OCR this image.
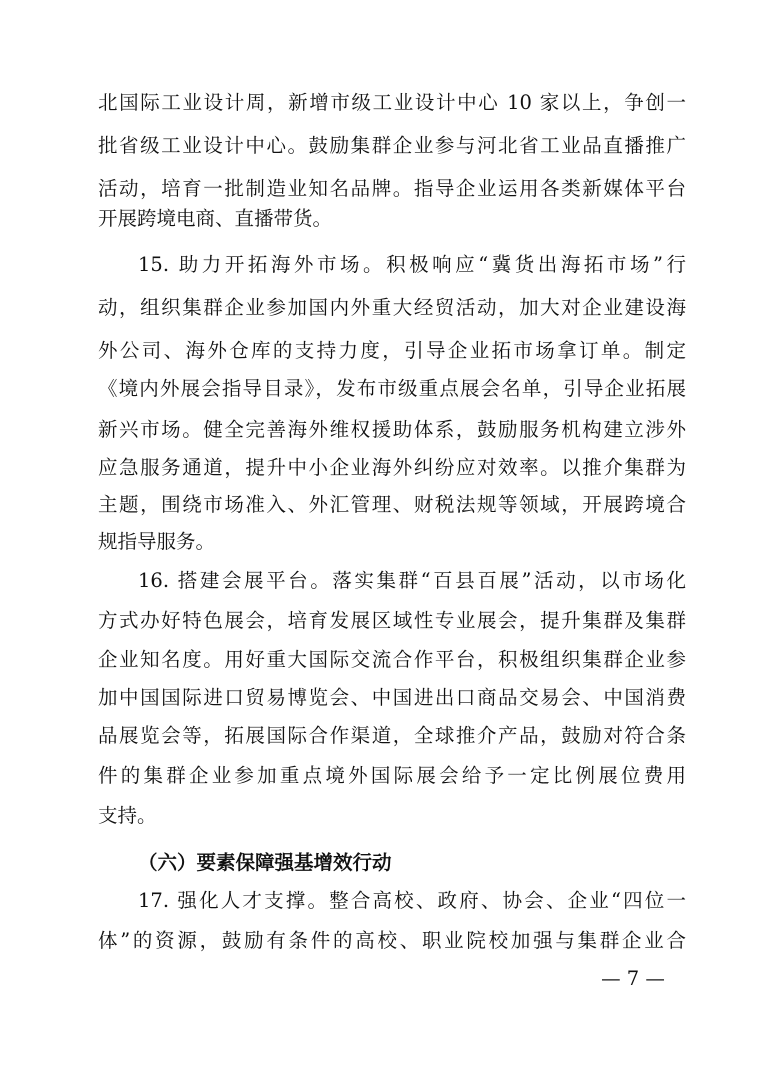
北国际工业设计周，新增市级工业设计中心 10 家以上，争创一
批省级工业设计中心。鼓励集群企业参与河北省工业品直播推广
活动，培育一批制造业知名品牌。指导企业运用各类新媒体平台
开展跨境电商、直播带货。
15. 助力开拓海外市场。积极响应“冀货出海拓市场”行
动，组织集群企业参加国内外重大经贸活动，加大对企业建设海
外公司、海外仓库的支持力度，引导企业拓市场拿订单。制定
《境内外展会指导目录》，发布市级重点展会名单，引导企业拓展
新兴市场。健全完善海外维权援助体系，鼓励服务机构建立涉外
应急服务通道，提升中小企业海外纠纷应对效率。以推介集群为
主题，围绕市场准入、外汇管理、财税法规等领域，开展跨境合
规指导服务。
16. 搭建会展平台。落实集群“百县百展”活动，以市场化
方式办好特色展会，培育发展区域性专业展会，提升集群及集群
企业知名度。用好重大国际交流合作平台，积极组织集群企业参
加中国国际进口贸易博览会、中国进出口商品交易会、中国消费
品展览会等，拓展国际合作渠道，全球推介产品，鼓励对符合条
件的集群企业参加重点境外国际展会给予一定比例展位费用
支持。
（六）要素保障强基增效行动
17. 强化人才支撑。整合高校、政府、协会、企业“四位一
体”的资源，鼓励有条件的高校、职业院校加强与集群企业合
— 7 —
